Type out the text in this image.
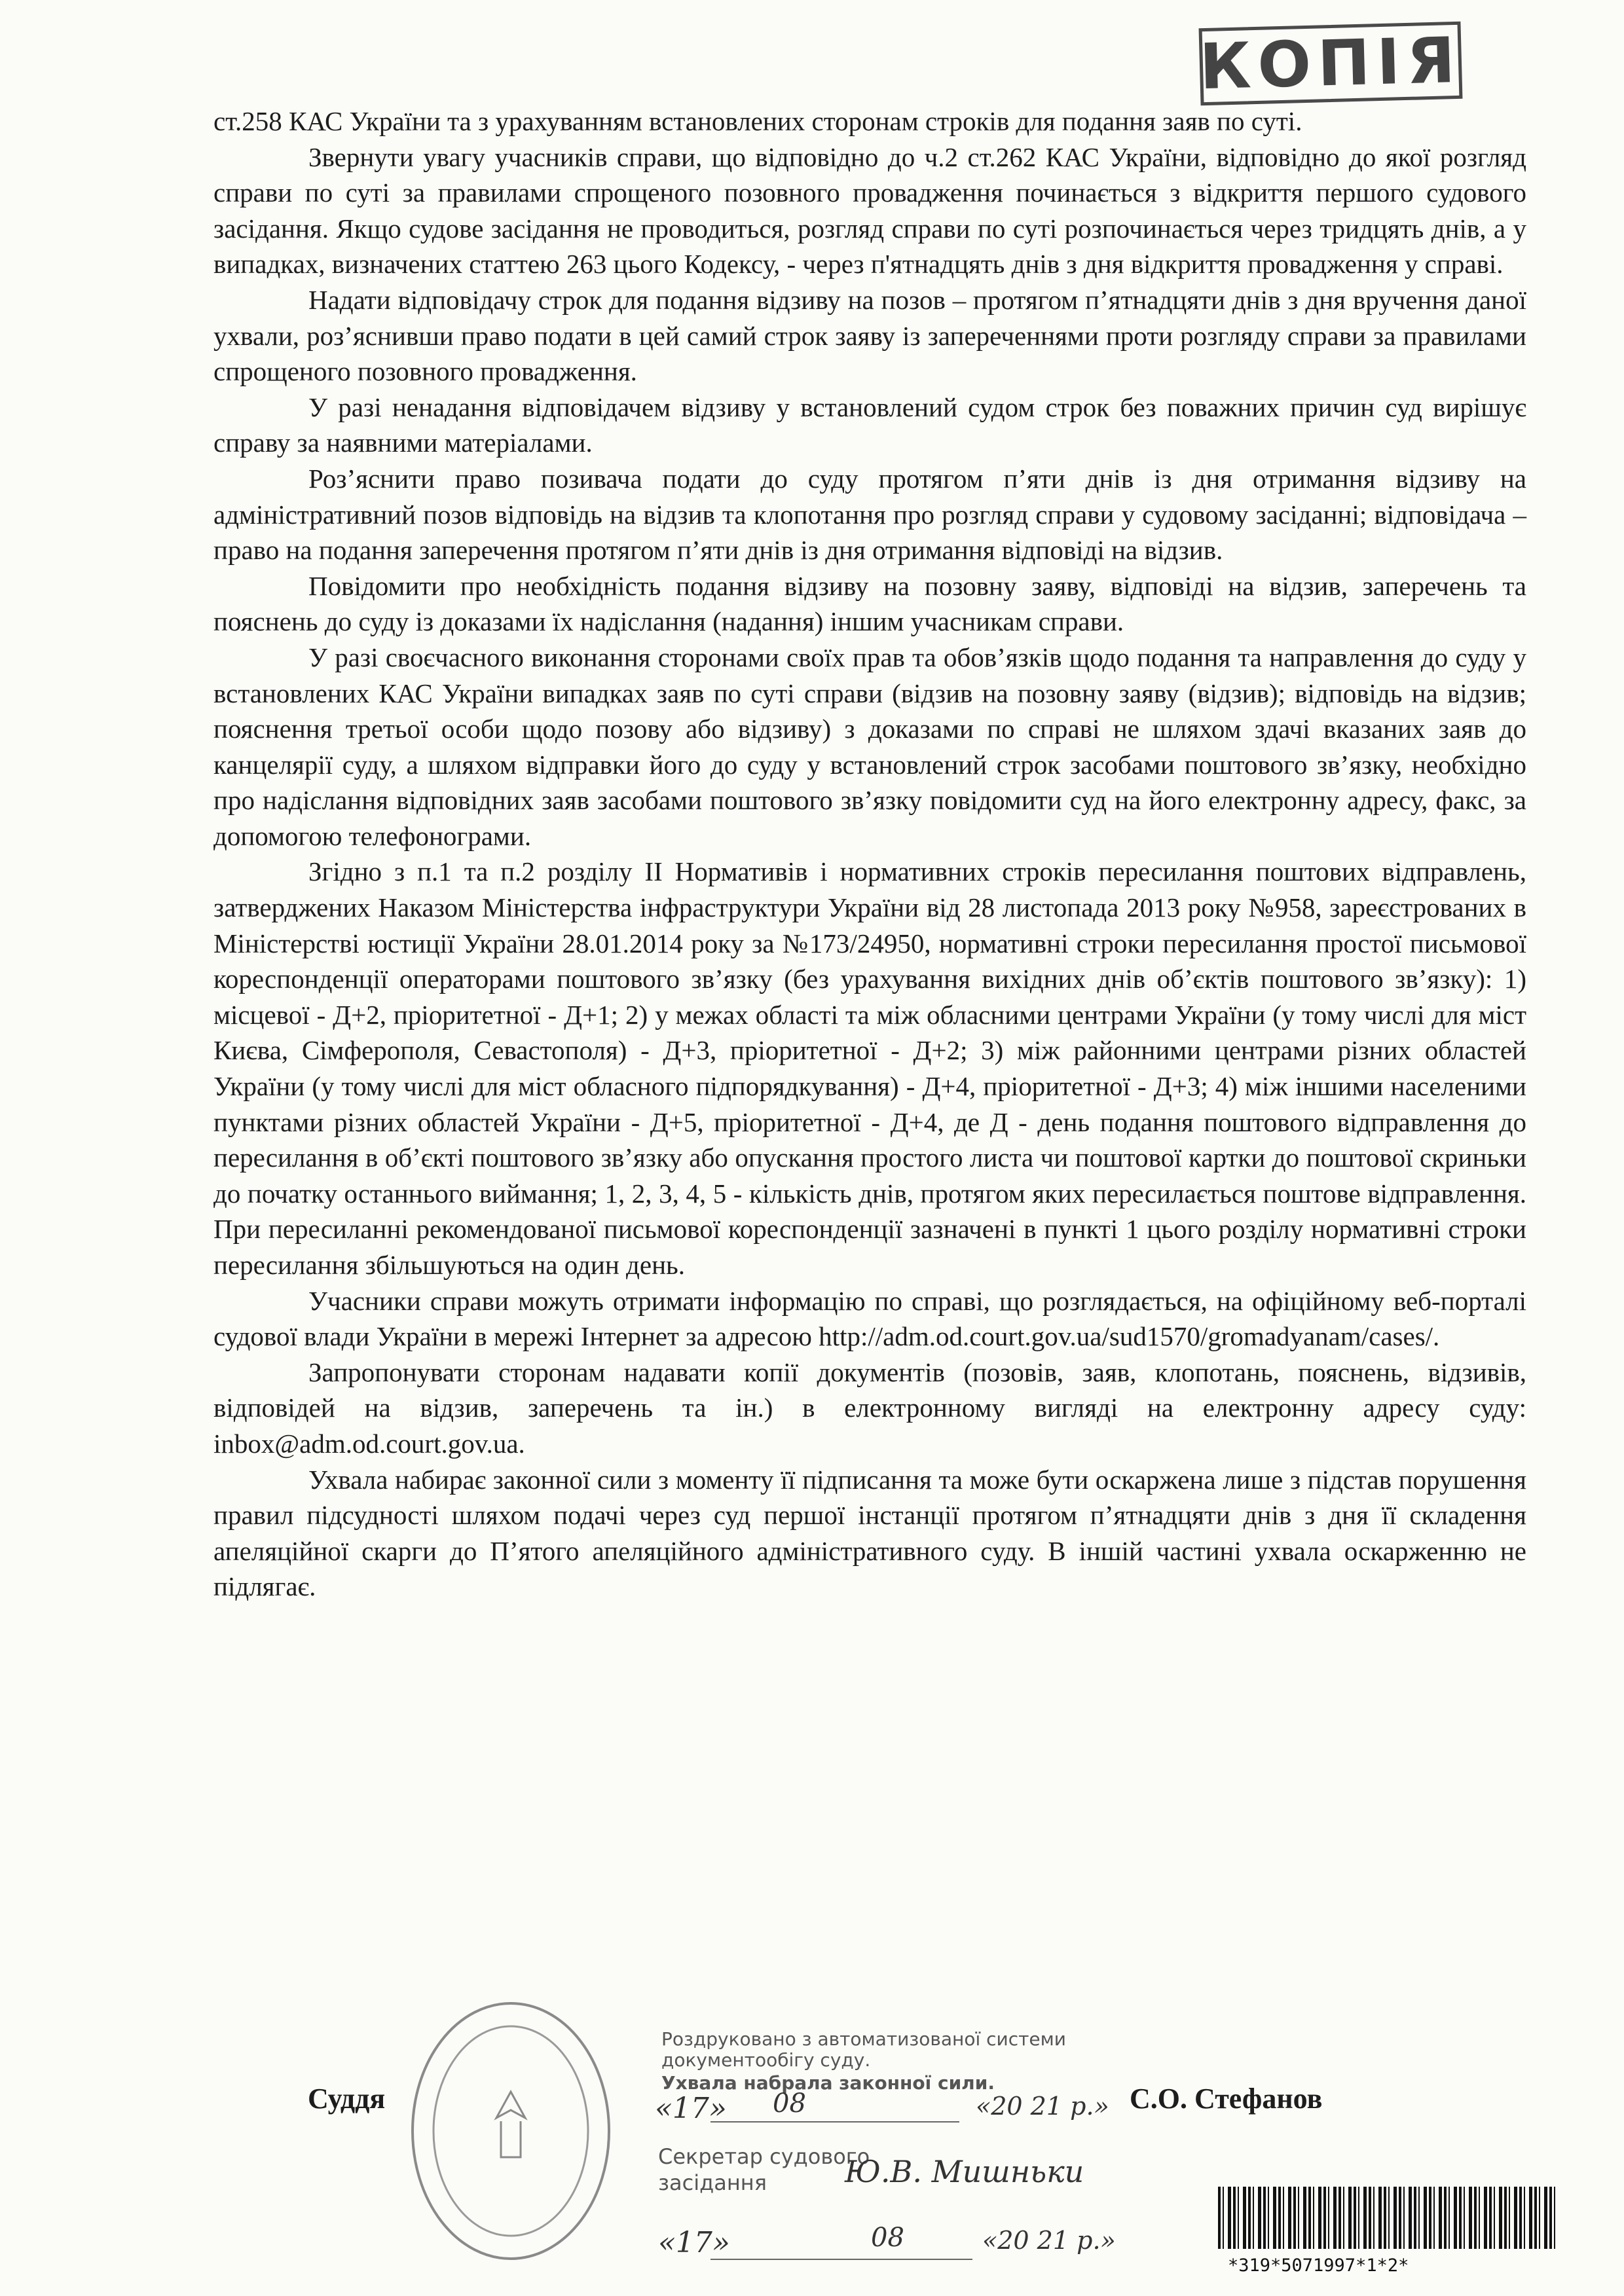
КОПІЯ

ст.258 КАС України та з урахуванням встановлених сторонам строків для подання заяв по суті.

Звернути увагу учасників справи, що відповідно до ч.2 ст.262 КАС України, відповідно до якої розгляд справи по суті за правилами спрощеного позовного провадження починається з відкриття першого судового засідання. Якщо судове засідання не проводиться, розгляд справи по суті розпочинається через тридцять днів, а у випадках, визначених статтею 263 цього Кодексу, - через п'ятнадцять днів з дня відкриття провадження у справі.

Надати відповідачу строк для подання відзиву на позов – протягом п’ятнадцяти днів з дня вручення даної ухвали, роз’яснивши право подати в цей самий строк заяву із запереченнями проти розгляду справи за правилами спрощеного позовного провадження.

У разі ненадання відповідачем відзиву у встановлений судом строк без поважних причин суд вирішує справу за наявними матеріалами.

Роз’яснити право позивача подати до суду протягом п’яти днів із дня отримання відзиву на адміністративний позов відповідь на відзив та клопотання про розгляд справи у судовому засіданні; відповідача – право на подання заперечення протягом п’яти днів із дня отримання відповіді на відзив.

Повідомити про необхідність подання відзиву на позовну заяву, відповіді на відзив, заперечень та пояснень до суду із доказами їх надіслання (надання) іншим учасникам справи.

У разі своєчасного виконання сторонами своїх прав та обов’язків щодо подання та направлення до суду у встановлених КАС України випадках заяв по суті справи (відзив на позовну заяву (відзив); відповідь на відзив; пояснення третьої особи щодо позову або відзиву) з доказами по справі не шляхом здачі вказаних заяв до канцелярії суду, а шляхом відправки його до суду у встановлений строк засобами поштового зв’язку, необхідно про надіслання відповідних заяв засобами поштового зв’язку повідомити суд на його електронну адресу, факс, за допомогою телефонограми.

Згідно з п.1 та п.2 розділу ІІ Нормативів і нормативних строків пересилання поштових відправлень, затверджених Наказом Міністерства інфраструктури України від 28 листопада 2013 року №958, зареєстрованих в Міністерстві юстиції України 28.01.2014 року за №173/24950, нормативні строки пересилання простої письмової кореспонденції операторами поштового зв’язку (без урахування вихідних днів об’єктів поштового зв’язку): 1) місцевої - Д+2, пріоритетної - Д+1; 2) у межах області та між обласними центрами України (у тому числі для міст Києва, Сімферополя, Севастополя) - Д+3, пріоритетної - Д+2; 3) між районними центрами різних областей України (у тому числі для міст обласного підпорядкування) - Д+4, пріоритетної - Д+3; 4) між іншими населеними пунктами різних областей України - Д+5, пріоритетної - Д+4, де Д - день подання поштового відправлення до пересилання в об’єкті поштового зв’язку або опускання простого листа чи поштової картки до поштової скриньки до початку останнього виймання; 1, 2, 3, 4, 5 - кількість днів, протягом яких пересилається поштове відправлення. При пересиланні рекомендованої письмової кореспонденції зазначені в пункті 1 цього розділу нормативні строки пересилання збільшуються на один день.

Учасники справи можуть отримати інформацію по справі, що розглядається, на офіційному веб-порталі судової влади України в мережі Інтернет за адресою http://adm.od.court.gov.ua/sud1570/gromadyanam/cases/.

Запропонувати сторонам надавати копії документів (позовів, заяв, клопотань, пояснень, відзивів, відповідей на відзив, заперечень та ін.) в електронному вигляді на електронну адресу суду: inbox@adm.od.court.gov.ua.

Ухвала набирає законної сили з моменту її підписання та може бути оскаржена лише з підстав порушення правил підсудності шляхом подачі через суд першої інстанції протягом п’ятнадцяти днів з дня її складення апеляційної скарги до П’ятого апеляційного адміністративного суду. В іншій частині ухвала оскарженню не підлягає.

Суддя	С.О. Стефанов
Роздруковано з автоматизованої системи
документообігу суду.
Ухвала набрала законної сили.
«17» 08	«20 21 р.»
Секретар судового
засідання	Ю.В. Мишньки
«17»	08	«20 21 р.»
*319*5071997*1*2*
